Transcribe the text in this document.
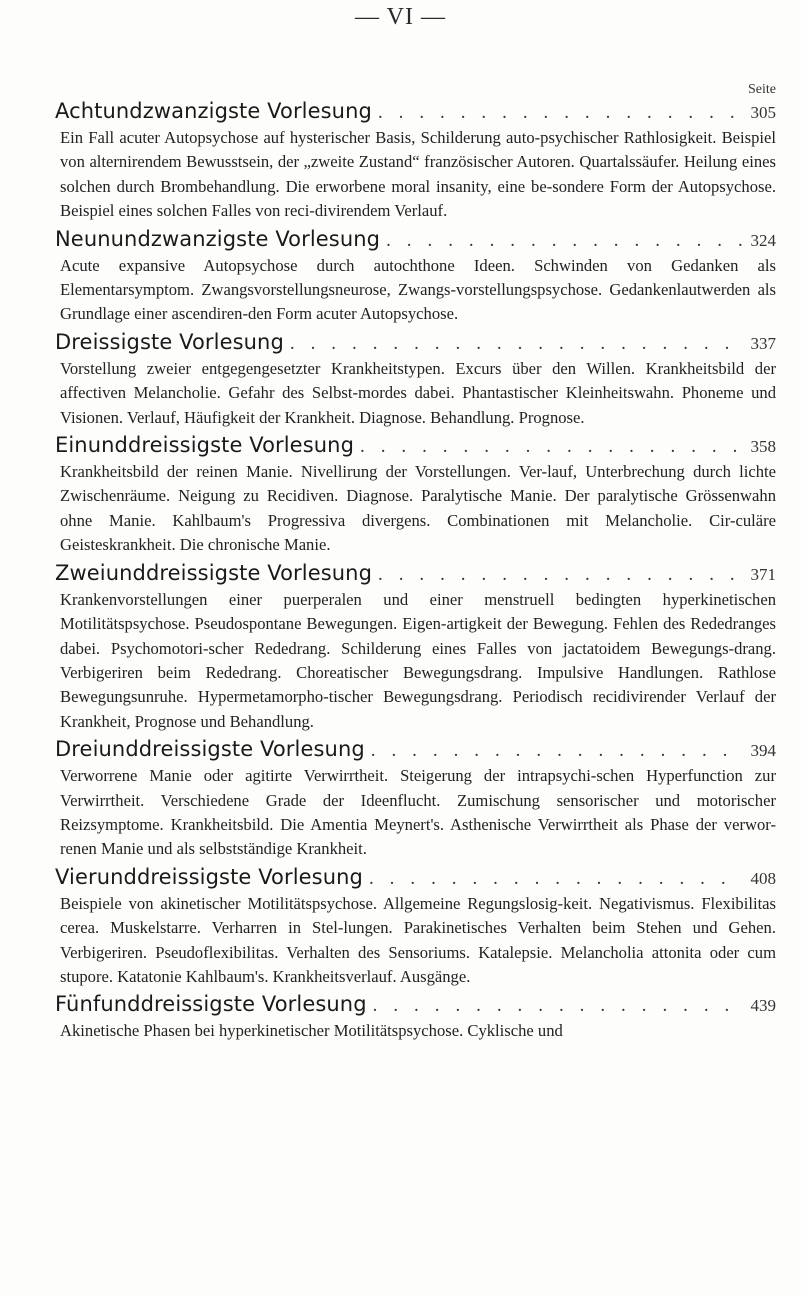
— VI —
Seite
Achtundzwanzigste Vorlesung . . .	305

Ein Fall acuter Autopsychose auf hysterischer Basis, Schilderung auto-psychischer Rathlosigkeit. Beispiel von alternirendem Bewusstsein, der „zweite Zustand“ französischer Autoren. Quartalssäufer. Heilung eines solchen durch Brombehandlung. Die erworbene moral insanity, eine be-sondere Form der Autopsychose. Beispiel eines solchen Falles von reci-divirendem Verlauf.

Neunundzwanzigste Vorlesung . . .	324

Acute expansive Autopsychose durch autochthone Ideen. Schwinden von Gedanken als Elementarsymptom. Zwangsvorstellungsneurose, Zwangs-vorstellungspsychose. Gedankenlautwerden als Grundlage einer ascendiren-den Form acuter Autopsychose.

Dreissigste Vorlesung . . .	337

Vorstellung zweier entgegengesetzter Krankheitstypen. Excurs über den Willen. Krankheitsbild der affectiven Melancholie. Gefahr des Selbst-mordes dabei. Phantastischer Kleinheitswahn. Phoneme und Visionen. Verlauf, Häufigkeit der Krankheit. Diagnose. Behandlung. Prognose.

Einunddreissigste Vorlesung . . .	358

Krankheitsbild der reinen Manie. Nivellirung der Vorstellungen. Ver-lauf, Unterbrechung durch lichte Zwischenräume. Neigung zu Recidiven. Diagnose. Paralytische Manie. Der paralytische Grössenwahn ohne Manie. Kahlbaum's Progressiva divergens. Combinationen mit Melancholie. Cir-culäre Geisteskrankheit. Die chronische Manie.

Zweiunddreissigste Vorlesung . . .	371

Krankenvorstellungen einer puerperalen und einer menstruell bedingten hyperkinetischen Motilitätspsychose. Pseudospontane Bewegungen. Eigen-artigkeit der Bewegung. Fehlen des Rededranges dabei. Psychomotori-scher Rededrang. Schilderung eines Falles von jactatoidem Bewegungs-drang. Verbigeriren beim Rededrang. Choreatischer Bewegungsdrang. Impulsive Handlungen. Rathlose Bewegungsunruhe. Hypermetamorpho-tischer Bewegungsdrang. Periodisch recidivirender Verlauf der Krankheit, Prognose und Behandlung.

Dreiunddreissigste Vorlesung . . .	394

Verworrene Manie oder agitirte Verwirrtheit. Steigerung der intrapsychi-schen Hyperfunction zur Verwirrtheit. Verschiedene Grade der Ideenflucht. Zumischung sensorischer und motorischer Reizsymptome. Krankheitsbild. Die Amentia Meynert's. Asthenische Verwirrtheit als Phase der verwor-renen Manie und als selbstständige Krankheit.

Vierunddreissigste Vorlesung . . .	408

Beispiele von akinetischer Motilitätspsychose. Allgemeine Regungslosig-keit. Negativismus. Flexibilitas cerea. Muskelstarre. Verharren in Stel-lungen. Parakinetisches Verhalten beim Stehen und Gehen. Verbigeriren. Pseudoflexibilitas. Verhalten des Sensoriums. Katalepsie. Melancholia attonita oder cum stupore. Katatonie Kahlbaum's. Krankheitsverlauf. Ausgänge.

Fünfunddreissigste Vorlesung . . .	439

Akinetische Phasen bei hyperkinetischer Motilitätspsychose. Cyklische und
